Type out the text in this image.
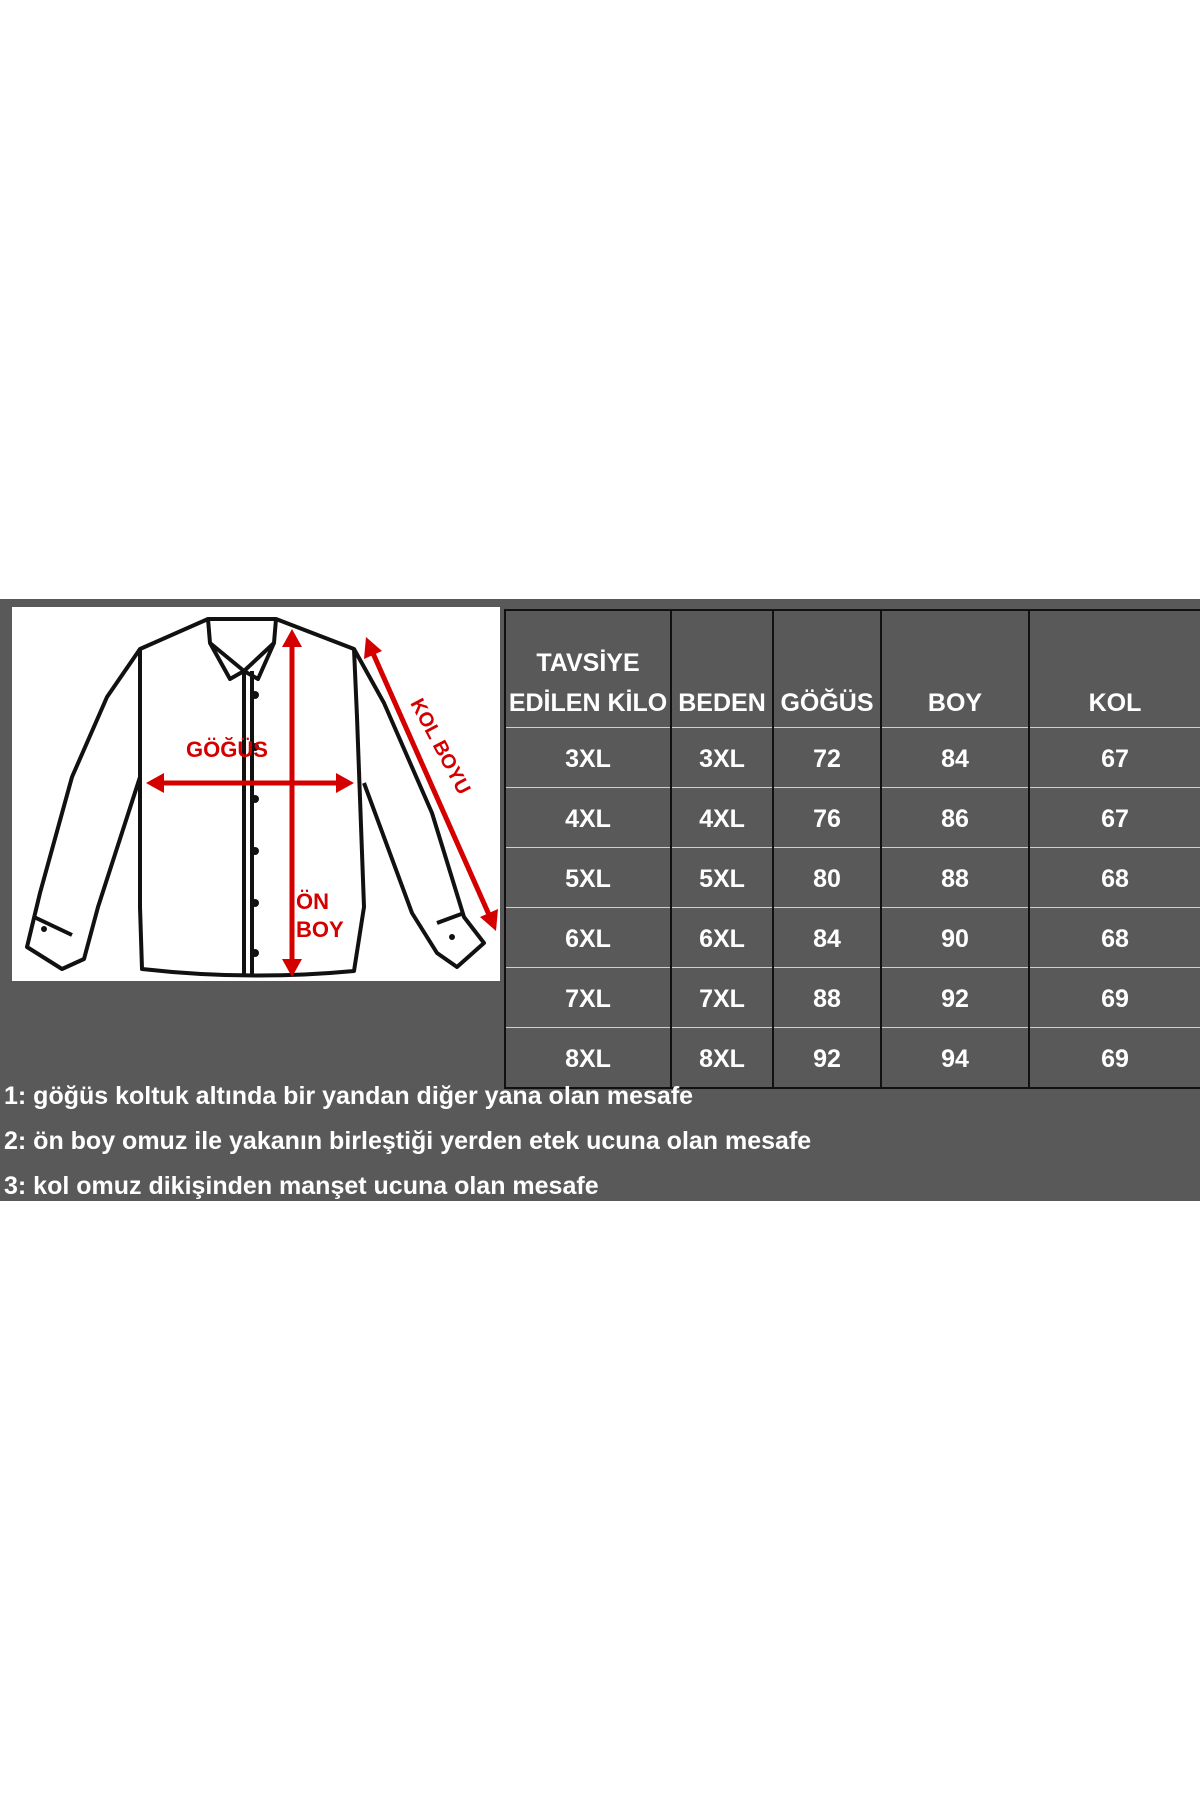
GÖĞÜS
ÖN
BOY
KOL BOYU
TAVSİYE
EDİLEN KİLO	BEDEN	GÖĞÜS	BOY	KOL
3XL	3XL	72	84	67
4XL	4XL	76	86	67
5XL	5XL	80	88	68
6XL	6XL	84	90	68
7XL	7XL	88	92	69
8XL	8XL	92	94	69
1: göğüs koltuk altında bir yandan diğer yana olan mesafe
2: ön boy omuz ile yakanın birleştiği yerden etek ucuna olan mesafe
3: kol omuz dikişinden manşet ucuna olan mesafe
